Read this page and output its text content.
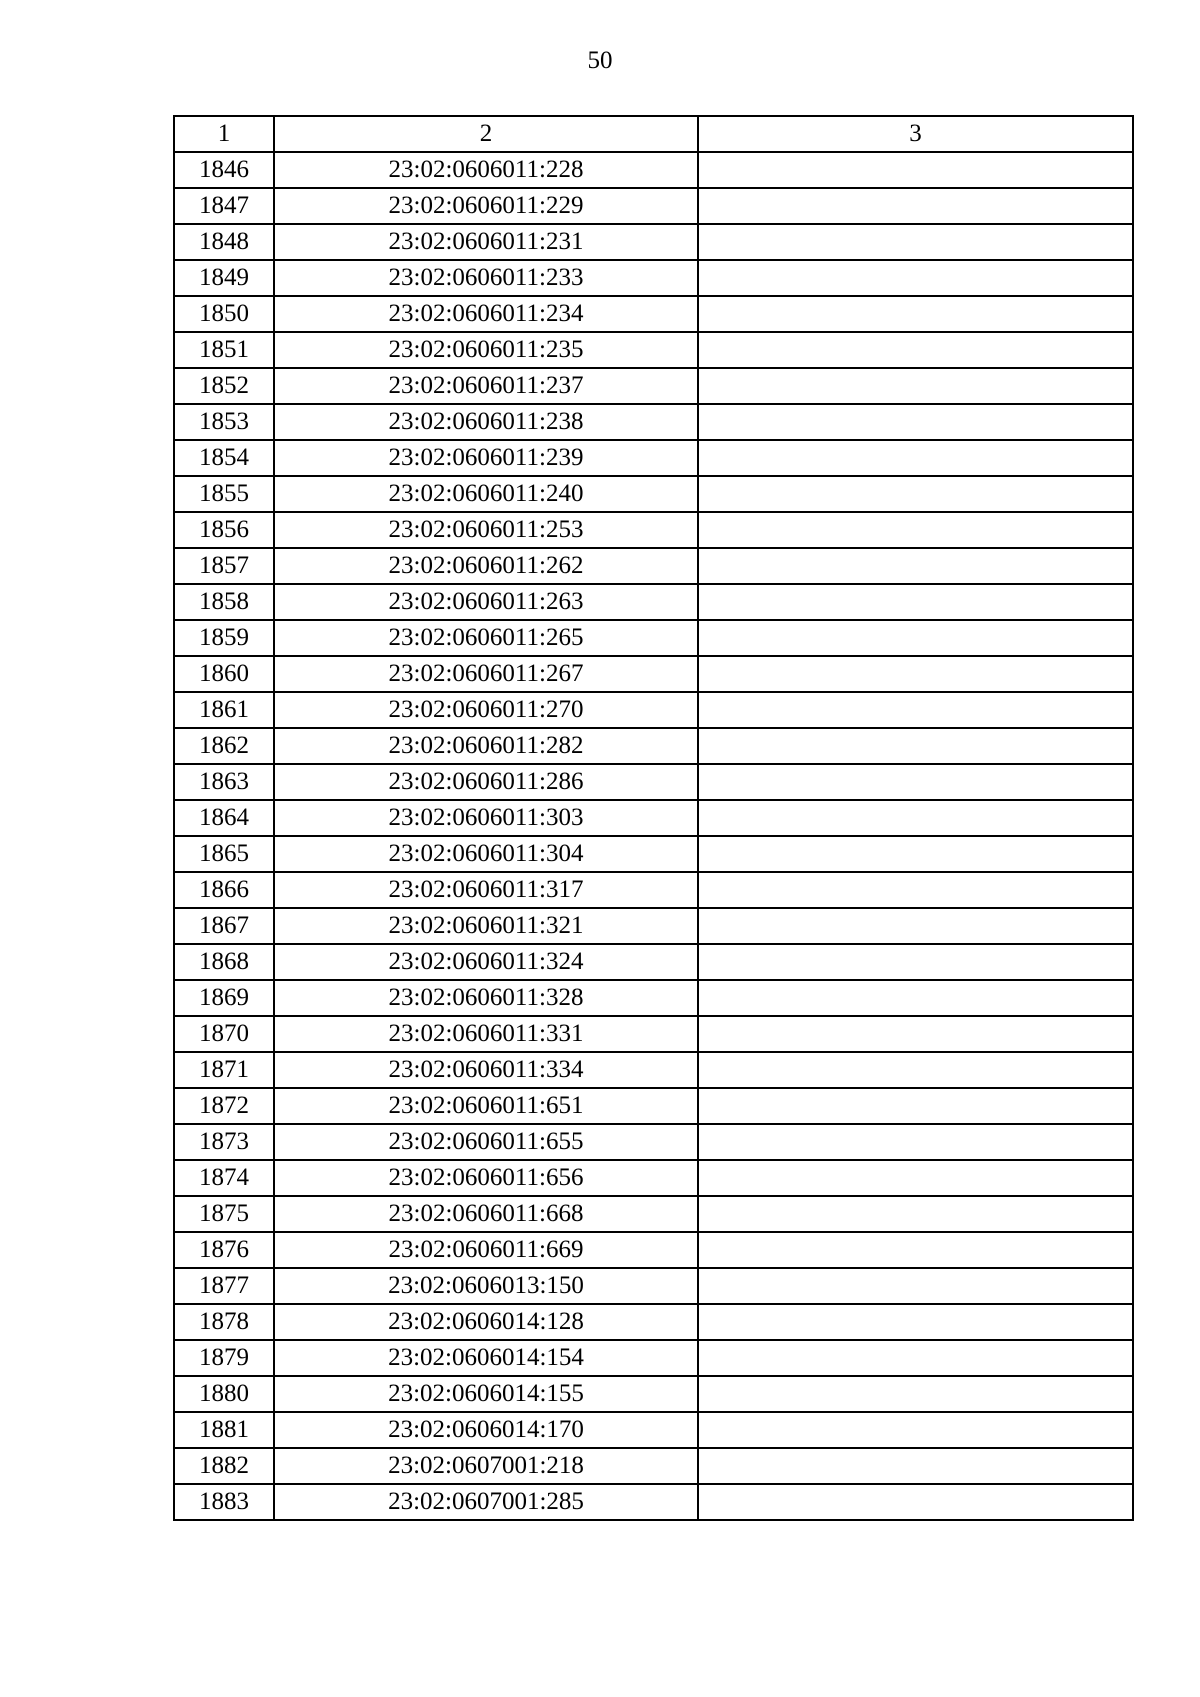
50
1	2	3
1846	23:02:0606011:228	
1847	23:02:0606011:229	
1848	23:02:0606011:231	
1849	23:02:0606011:233	
1850	23:02:0606011:234	
1851	23:02:0606011:235	
1852	23:02:0606011:237	
1853	23:02:0606011:238	
1854	23:02:0606011:239	
1855	23:02:0606011:240	
1856	23:02:0606011:253	
1857	23:02:0606011:262	
1858	23:02:0606011:263	
1859	23:02:0606011:265	
1860	23:02:0606011:267	
1861	23:02:0606011:270	
1862	23:02:0606011:282	
1863	23:02:0606011:286	
1864	23:02:0606011:303	
1865	23:02:0606011:304	
1866	23:02:0606011:317	
1867	23:02:0606011:321	
1868	23:02:0606011:324	
1869	23:02:0606011:328	
1870	23:02:0606011:331	
1871	23:02:0606011:334	
1872	23:02:0606011:651	
1873	23:02:0606011:655	
1874	23:02:0606011:656	
1875	23:02:0606011:668	
1876	23:02:0606011:669	
1877	23:02:0606013:150	
1878	23:02:0606014:128	
1879	23:02:0606014:154	
1880	23:02:0606014:155	
1881	23:02:0606014:170	
1882	23:02:0607001:218	
1883	23:02:0607001:285	
